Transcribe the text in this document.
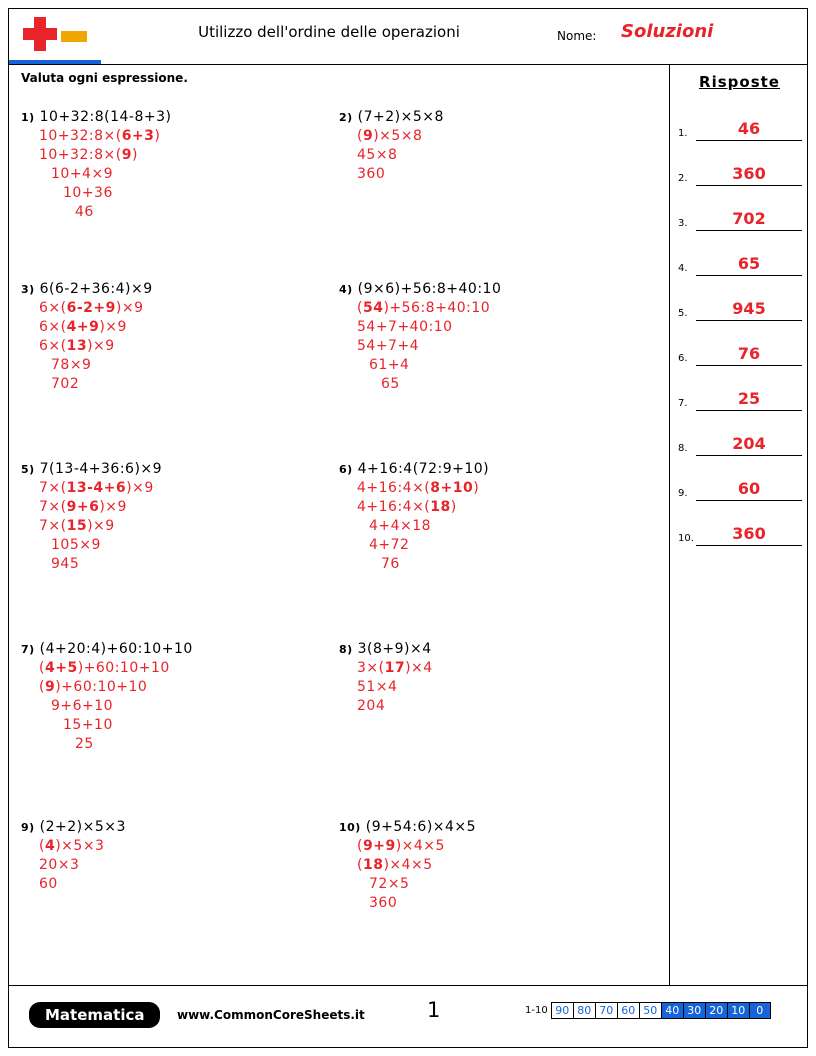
Utilizzo dell'ordine delle operazioni	Nome: Soluzioni
Valuta ogni espressione.
1) 10+32:8(14-8+3)
10+32:8×(6+3)
10+32:8×(9)
10+4×9
10+36
46
2) (7+2)×5×8
(9)×5×8
45×8
360
3) 6(6-2+36:4)×9
6×(6-2+9)×9
6×(4+9)×9
6×(13)×9
78×9
702
4) (9×6)+56:8+40:10
(54)+56:8+40:10
54+7+40:10
54+7+4
61+4
65
5) 7(13-4+36:6)×9
7×(13-4+6)×9
7×(9+6)×9
7×(15)×9
105×9
945
6) 4+16:4(72:9+10)
4+16:4×(8+10)
4+16:4×(18)
4+4×18
4+72
76
7) (4+20:4)+60:10+10
(4+5)+60:10+10
(9)+60:10+10
9+6+10
15+10
25
8) 3(8+9)×4
3×(17)×4
51×4
204
9) (2+2)×5×3
(4)×5×3
20×3
60
10) (9+54:6)×4×5
(9+9)×4×5
(18)×4×5
72×5
360
Risposte
1.	46
2.	360
3.	702
4.	65
5.	945
6.	76
7.	25
8.	204
9.	60
10.	360
Matematica	www.CommonCoreSheets.it	1	1-10 90 80 70 60 50 40 30 20 10	0
